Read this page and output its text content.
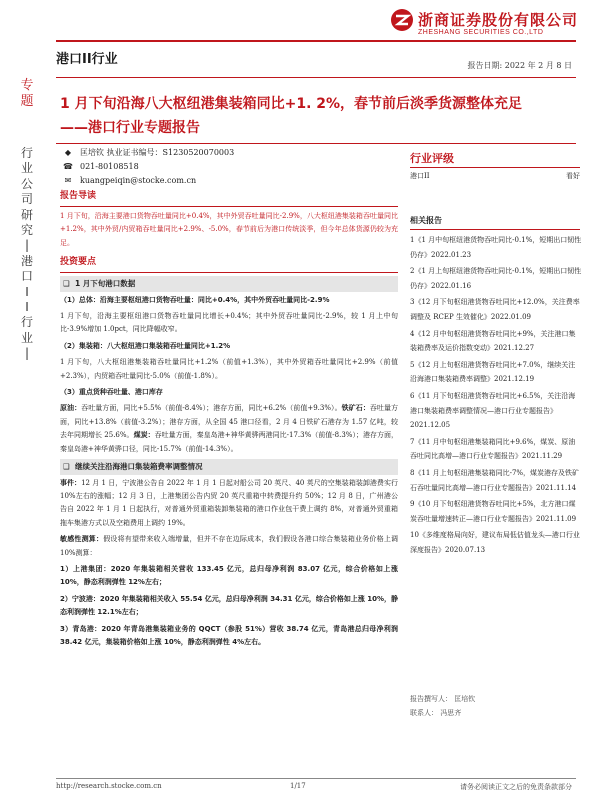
浙商证券股份有限公司
ZHESHANG SECURITIES CO.,LTD
港口II行业	报告日期: 2022 年 2 月 8 日
专
题
行
业
公
司
研
究
|
港
口
I
I
行
业
|
1 月下旬沿海八大枢纽港集装箱同比+1. 2%，春节前后淡季货源整体充足
——港口行业专题报告
◆	匡培钦 执业证书编号：S1230520070003
☎ 021-80108518
✉	kuangpeiqin@stocke.com.cn
行业评级
港口II	看好
相关报告
1《1 月中旬枢纽港货物吞吐同比-0.1%，短期出口韧性仍存》2022.01.23
2《1 月上旬枢纽港货物吞吐同比-0.1%，短期出口韧性仍存》2022.01.16
3《12 月下旬枢纽港货物吞吐同比+12.0%，关注费率调整及 RCEP 生效催化》2022.01.09
4《12 月中旬枢纽港货物吞吐同比+9%，关注港口集装箱费率及运价指数变动》2021.12.27
5《12 月上旬枢纽港货物吞吐同比+7.0%，继续关注沿海港口集装箱费率调整》2021.12.19
6《11 月下旬枢纽港货物吞吐同比+6.5%，关注沿海港口集装箱费率调整情况—港口行业专题报告》2021.12.05
7《11 月中旬枢纽港集装箱同比+9.6%，煤炭、原油吞吐同比高增—港口行业专题报告》2021.11.29
8《11 月上旬枢纽港集装箱同比-7%，煤炭港存及铁矿石吞吐量同比高增—港口行业专题报告》2021.11.14
9《10 月下旬枢纽港货物吞吐同比+5%，北方港口煤炭吞吐量增速转正—港口行业专题报告》2021.11.09
10《多维度格局向好，建议布局低估值龙头—港口行业深度报告》2020.07.13
报告撰写人： 匡培钦
联系人： 冯思齐
报告导读
1 月下旬，沿海主要港口货物吞吐量同比+0.4%，其中外贸吞吐量同比-2.9%，八大枢纽港集装箱吞吐量同比+1.2%，其中外贸/内贸箱吞吐量同比+2.9%、-5.0%，春节前后为港口传统淡季，但今年总体货源仍较为充足。
投资要点
❑  1 月下旬港口数据
（1）总体：沿海主要枢纽港口货物吞吐量：同比+0.4%，其中外贸吞吐量同比-2.9%
1 月下旬，沿海主要枢纽港口货物吞吐量同比增长+0.4%；其中外贸吞吐量同比-2.9%，较 1 月上中旬比-3.9%增加 1.0pct，同比降幅收窄。
（2）集装箱：八大枢纽港口集装箱吞吐量同比+1.2%
1 月下旬，八大枢纽港集装箱吞吐量同比+1.2%（前值+1.3%），其中外贸箱吞吐量同比+2.9%（前值+2.3%），内贸箱吞吐量同比-5.0%（前值-1.8%）。
（3）重点货种吞吐量、港口库存
原油：吞吐量方面，同比+5.5%（前值-8.4%）；港存方面，同比+6.2%（前值+9.3%）。铁矿石：吞吐量方面，同比+13.8%（前值-3.2%）；港存方面，从全国 45 港口径看，2 月 4 日铁矿石港存为 1.57 亿吨，较去年同期增长 25.6%。煤炭：吞吐量方面，秦皇岛港+神华黄骅两港同比-17.3%（前值-8.3%）；港存方面，秦皇岛港+神华黄骅口径，同比-15.7%（前值-14.3%）。
❑  继续关注沿海港口集装箱费率调整情况
事件：12 月 1 日，宁波港公告自 2022 年 1 月 1 日起对船公司 20 英尺、40 英尺的空集装箱装卸港费实行 10%左右的涨幅；12 月 3 日，上港集团公告内贸 20 英尺重箱中转费提升约 50%；12 月 8 日，广州港公告自 2022 年 1 月 1 日起执行，对普通外贸重箱装卸集装箱的港口作业包干费上调约 8%，对普通外贸重箱拖车集港方式以及空箱费用上调约 19%。
敏感性测算：假设将有望带来收入端增量，但并不存在边际成本，我们假设各港口综合集装箱业务价格上调 10%测算：
1）上港集团：2020 年集装箱相关营收 133.45 亿元，总归母净利润 83.07 亿元，综合价格如上涨 10%，静态利润弹性 12%左右；
2）宁波港：2020 年集装箱相关收入 55.54 亿元，总归母净利润 34.31 亿元，综合价格如上涨 10%，静态利润弹性 12.1%左右；
3）青岛港：2020 年青岛港集装箱业务的 QQCT（参股 51%）营收 38.74 亿元，青岛港总归母净利润 38.42 亿元，集装箱价格如上涨 10%，静态利润弹性 4%左右。
http://research.stocke.com.cn	1/17	请务必阅读正文之后的免责条款部分
